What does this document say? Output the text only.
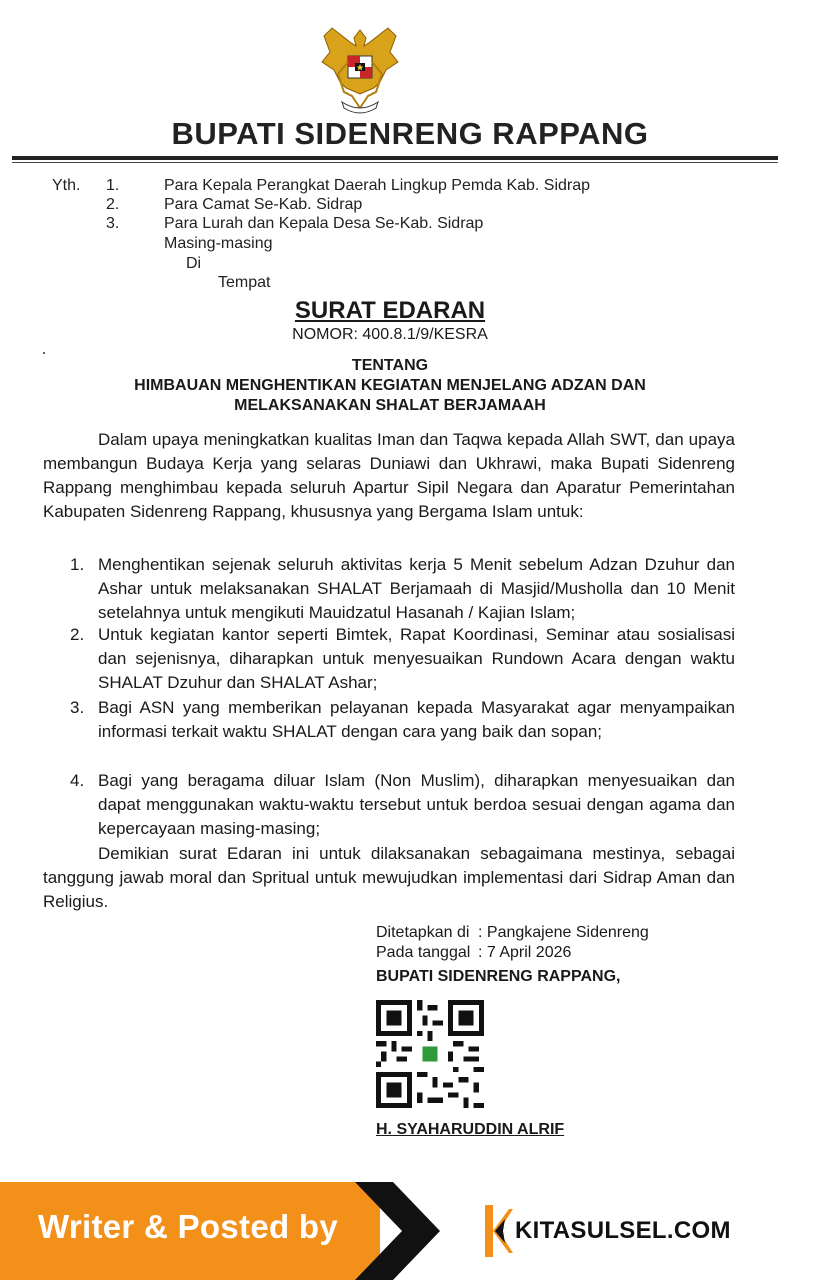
BUPATI SIDENRENG RAPPANG
Yth. 1.	Para Kepala Perangkat Daerah Lingkup Pemda Kab. Sidrap
2.	Para Camat Se-Kab. Sidrap
3.	Para Lurah dan Kepala Desa Se-Kab. Sidrap
Masing-masing
Di
Tempat
SURAT EDARAN
NOMOR: 400.8.1/9/KESRA
TENTANG
HIMBAUAN MENGHENTIKAN KEGIATAN MENJELANG ADZAN DAN
MELAKSANAKAN SHALAT BERJAMAAH
Dalam upaya meningkatkan kualitas Iman dan Taqwa kepada Allah SWT, dan upaya membangun Budaya Kerja yang selaras Duniawi dan Ukhrawi, maka Bupati Sidenreng Rappang menghimbau kepada seluruh Apartur Sipil Negara dan Aparatur Pemerintahan Kabupaten Sidenreng Rappang, khususnya yang Bergama Islam untuk:
1. Menghentikan sejenak seluruh aktivitas kerja 5 Menit sebelum Adzan Dzuhur dan Ashar untuk melaksanakan SHALAT Berjamaah di Masjid/Musholla dan 10 Menit setelahnya untuk mengikuti Mauidzatul Hasanah / Kajian Islam;
2. Untuk kegiatan kantor seperti Bimtek, Rapat Koordinasi, Seminar atau sosialisasi dan sejenisnya, diharapkan untuk menyesuaikan Rundown Acara dengan waktu SHALAT Dzuhur dan SHALAT Ashar;
3. Bagi ASN yang memberikan pelayanan kepada Masyarakat agar menyampaikan informasi terkait waktu SHALAT dengan cara yang baik dan sopan;
4. Bagi yang beragama diluar Islam (Non Muslim), diharapkan menyesuaikan dan dapat menggunakan waktu-waktu tersebut untuk berdoa sesuai dengan agama dan kepercayaan masing-masing;
Demikian surat Edaran ini untuk dilaksanakan sebagaimana mestinya, sebagai tanggung jawab moral dan Spritual untuk mewujudkan implementasi dari Sidrap Aman dan Religius.
Ditetapkan di : Pangkajene Sidenreng
Pada tanggal : 7 April 2026
BUPATI SIDENRENG RAPPANG,
H. SYAHARUDDIN ALRIF
Writer & Posted by	KITASULSEL.COM
